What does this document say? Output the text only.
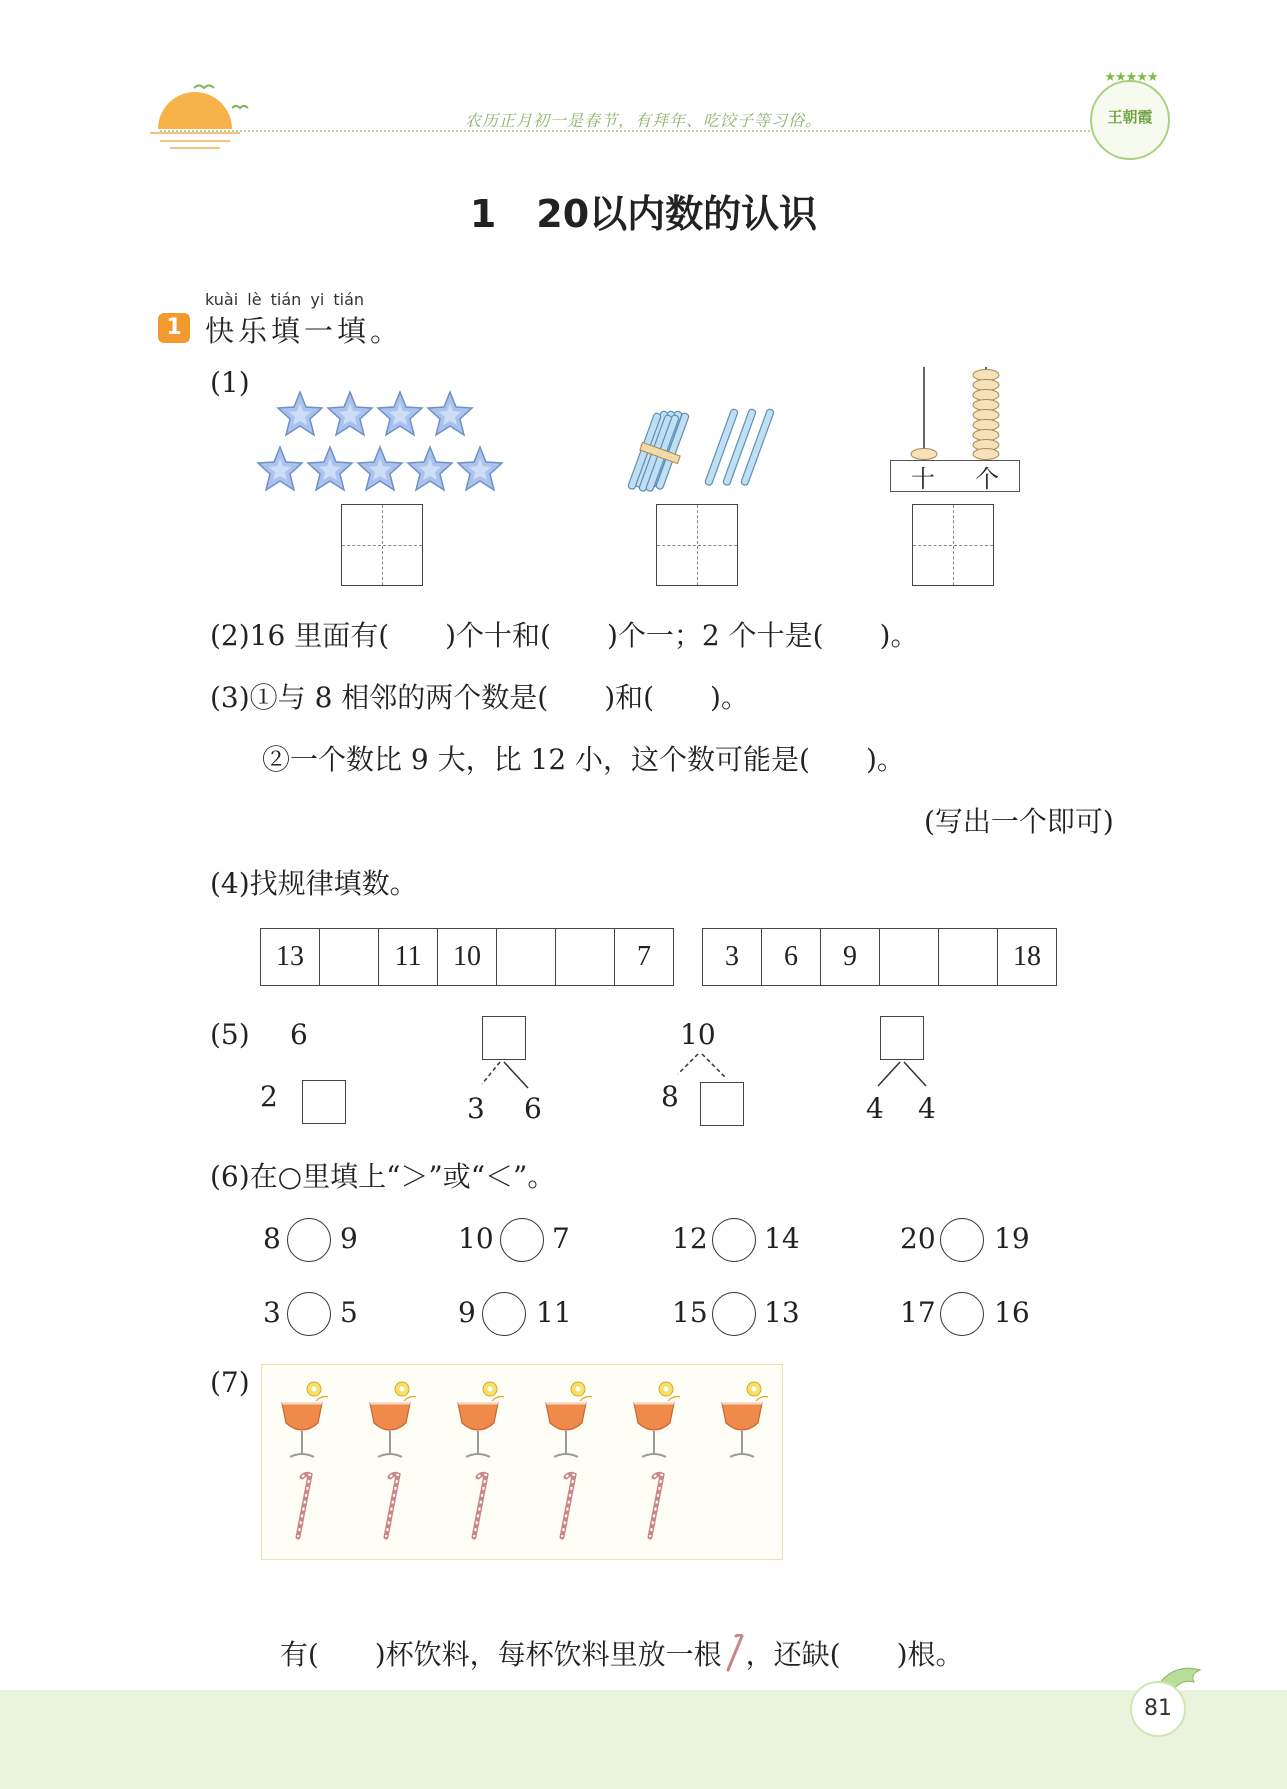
农历正月初一是春节，有拜年、吃饺子等习俗。
★★★★★
王朝霞
1 20以内数的认识
kuài lè tián yi tián
1 快乐填一填。
(1)
十 个
(2)16 里面有(　　)个十和(　　)个一；2 个十是(　　)。
(3)①与 8 相邻的两个数是(　　)和(　　)。
②一个数比 9 大，比 12 小，这个数可能是(　　)。
(写出一个即可)
(4)找规律填数。
13		11	10			7	3	6	9			18
(5) 6
2	3 6
10
8	4 4
(6)在○里填上“＞”或“＜”。
8 9	10 7	12 14	20 19
3 5	9 11	15 13	17 16
(7)

有(　　)杯饮料，每杯饮料里放一根 ，还缺(　　)根。

81
